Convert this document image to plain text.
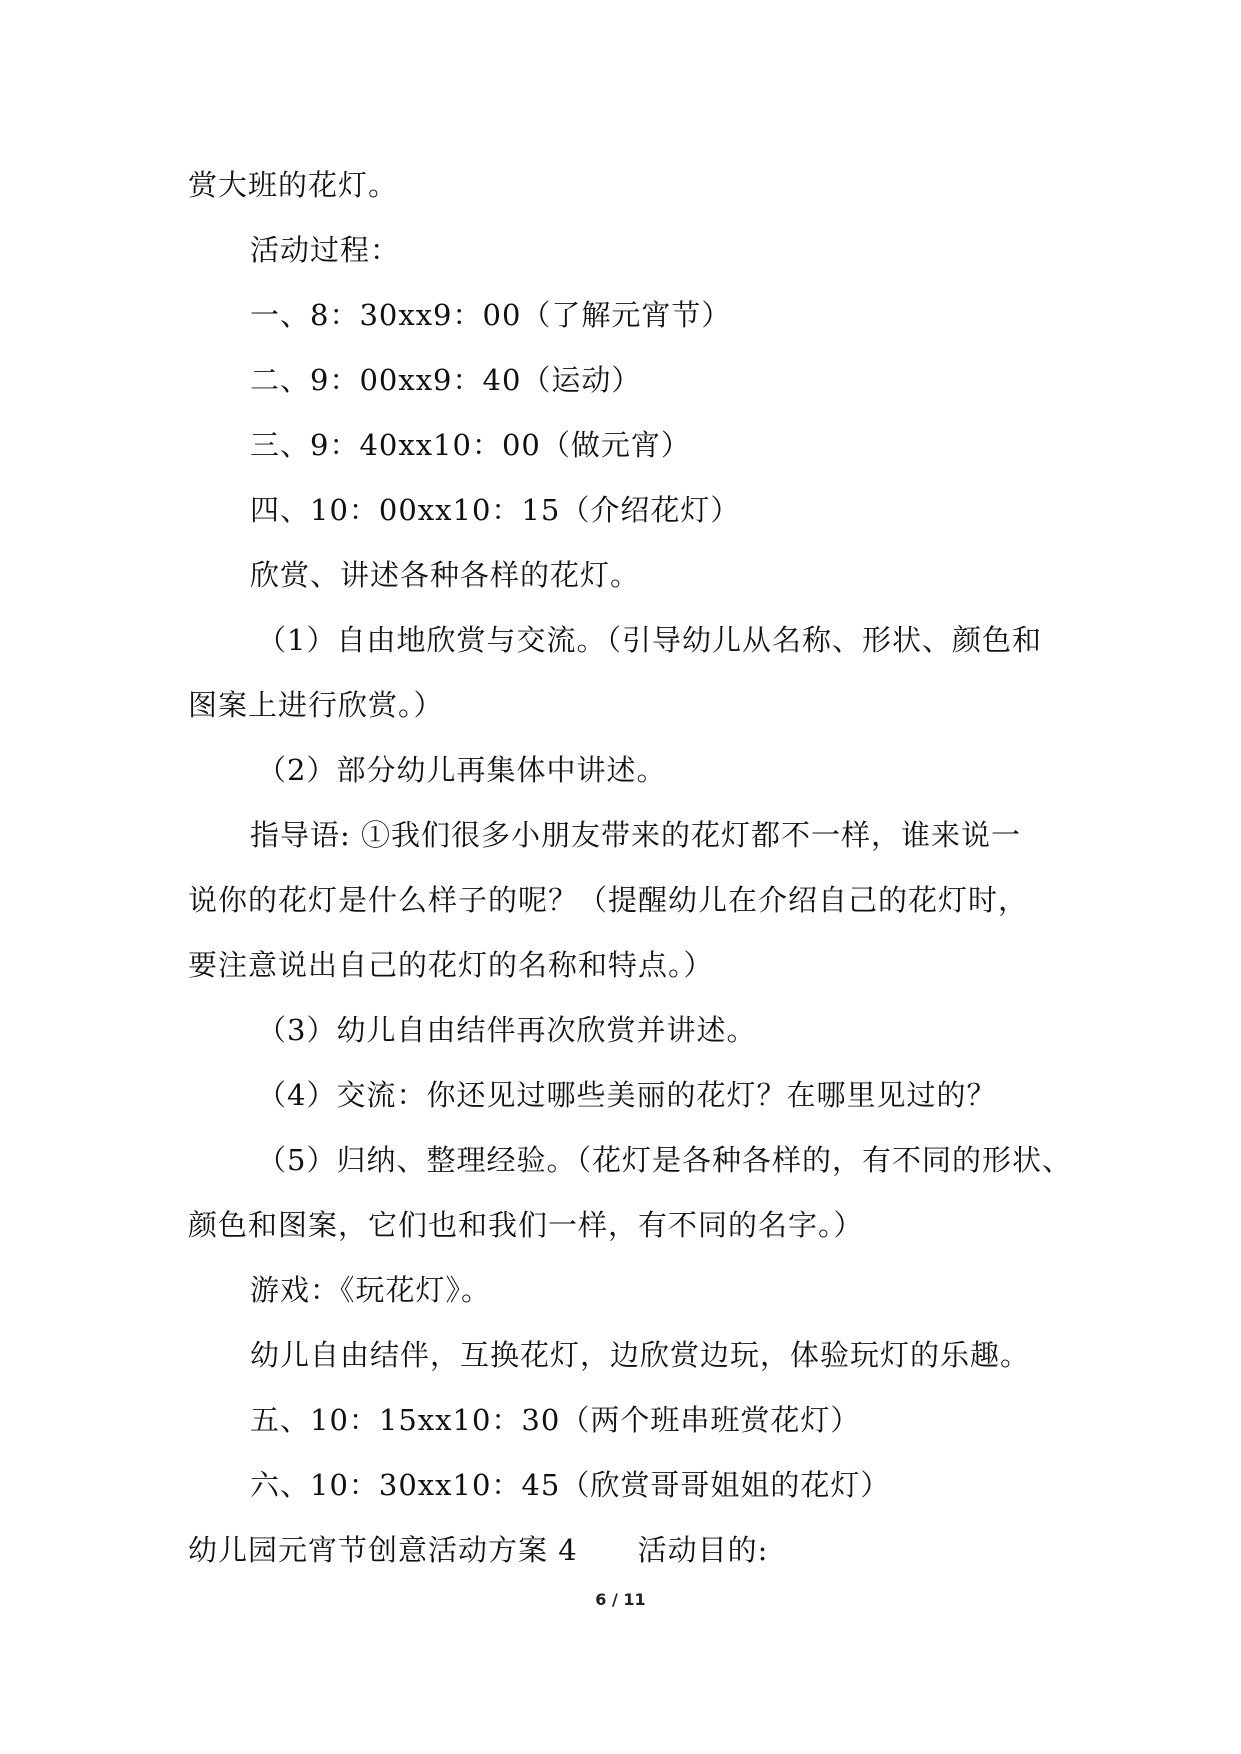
赏大班的花灯。
活动过程：
一、8：30xx9：00（了解元宵节）
二、9：00xx9：40（运动）
三、9：40xx10：00（做元宵）
四、10：00xx10：15（介绍花灯）
欣赏、讲述各种各样的花灯。
（1）自由地欣赏与交流。（引导幼儿从名称、形状、颜色和
图案上进行欣赏。）
（2）部分幼儿再集体中讲述。
指导语: ①我们很多小朋友带来的花灯都不一样，谁来说一
说你的花灯是什么样子的呢？（提醒幼儿在介绍自己的花灯时，
要注意说出自己的花灯的名称和特点。）
（3）幼儿自由结伴再次欣赏并讲述。
（4）交流：你还见过哪些美丽的花灯？在哪里见过的？
（5）归纳、整理经验。（花灯是各种各样的，有不同的形状、
颜色和图案，它们也和我们一样，有不同的名字。）
游戏：《玩花灯》。
幼儿自由结伴，互换花灯，边欣赏边玩，体验玩灯的乐趣。
五、10：15xx10：30（两个班串班赏花灯）
六、10：30xx10：45（欣赏哥哥姐姐的花灯）
幼儿园元宵节创意活动方案 4　　活动目的:
6 / 11
